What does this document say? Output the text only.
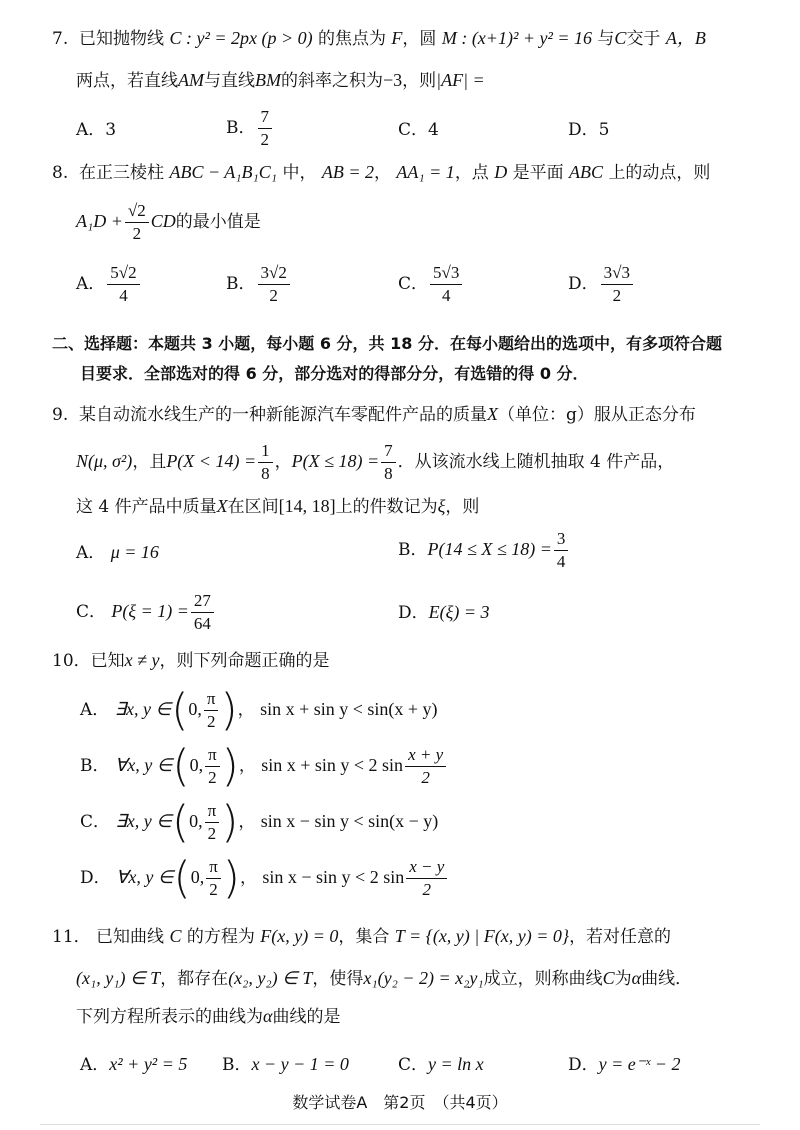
7. 已知抛物线 C : y² = 2px (p > 0) 的焦点为 F，圆 M : (x+1)² + y² = 16 与C交于 A，B
两点，若直线AM与直线BM的斜率之积为−3，则|AF| =
A．3	B． $\frac{7}{2}$	C．4	D．5
8. 在正三棱柱 ABC − A₁B₁C₁ 中， AB = 2， AA₁ = 1，点 D 是平面 ABC 上的动点，则
$A_1D + \frac{√2}{2}$ CD的最小值是
A． $\frac{5√2}{4}$	B． $\frac{3√2}{2}$	C． $\frac{5√3}{4}$	D． $\frac{3√3}{2}$
二、选择题：本题共 3 小题，每小题 6 分，共 18 分．在每小题给出的选项中，有多项符合题
目要求．全部选对的得 6 分，部分选对的得部分分，有选错的得 0 分．
9. 某自动流水线生产的一种新能源汽车零配件产品的质量X（单位：g）服从正态分布
N(μ, σ²)，且$P(X < 14) = \frac{1}{8}$ ，$P(X \le 18) = \frac{7}{8}$ ．从该流水线上随机抽取 4 件产品，
这 4 件产品中质量X在区间[14, 18]上的件数记为ξ，则
A． μ = 16	B．$P(14 \le X \le 18) = \frac{3}{4}$
C． $P(\xi = 1) = \frac{27}{64}$	D．E(ξ) = 3
10．已知x ≠ y，则下列命题正确的是
A． ∃x, y ∈(0, $\frac{\pi}{2}$ )， sin x + sin y < sin(x + y)
B． ∀x, y ∈(0, $\frac{\pi}{2}$ )， sin x + sin y < 2 $\sin \frac{x + y}{2}$
C． ∃x, y ∈(0, $\frac{\pi}{2}$ )， sin x − sin y < sin(x − y)
D． ∀x, y ∈(0, $\frac{\pi}{2}$ )， sin x − sin y < 2 $\sin \frac{x - y}{2}$
11． 已知曲线 C 的方程为 F(x, y) = 0，集合 T = {(x, y) | F(x, y) = 0}，若对任意的
(x₁, y₁) ∈ T，都存在(x₂, y₂) ∈ T，使得x₁(y₂ − 2) = x₂y₁成立，则称曲线C为α曲线．
下列方程所表示的曲线为α曲线的是
A．x² + y² = 5 B．x − y − 1 = 0	C．y = ln x	D．y = e⁻ˣ − 2
数学试卷A　第2页　（共4页）
